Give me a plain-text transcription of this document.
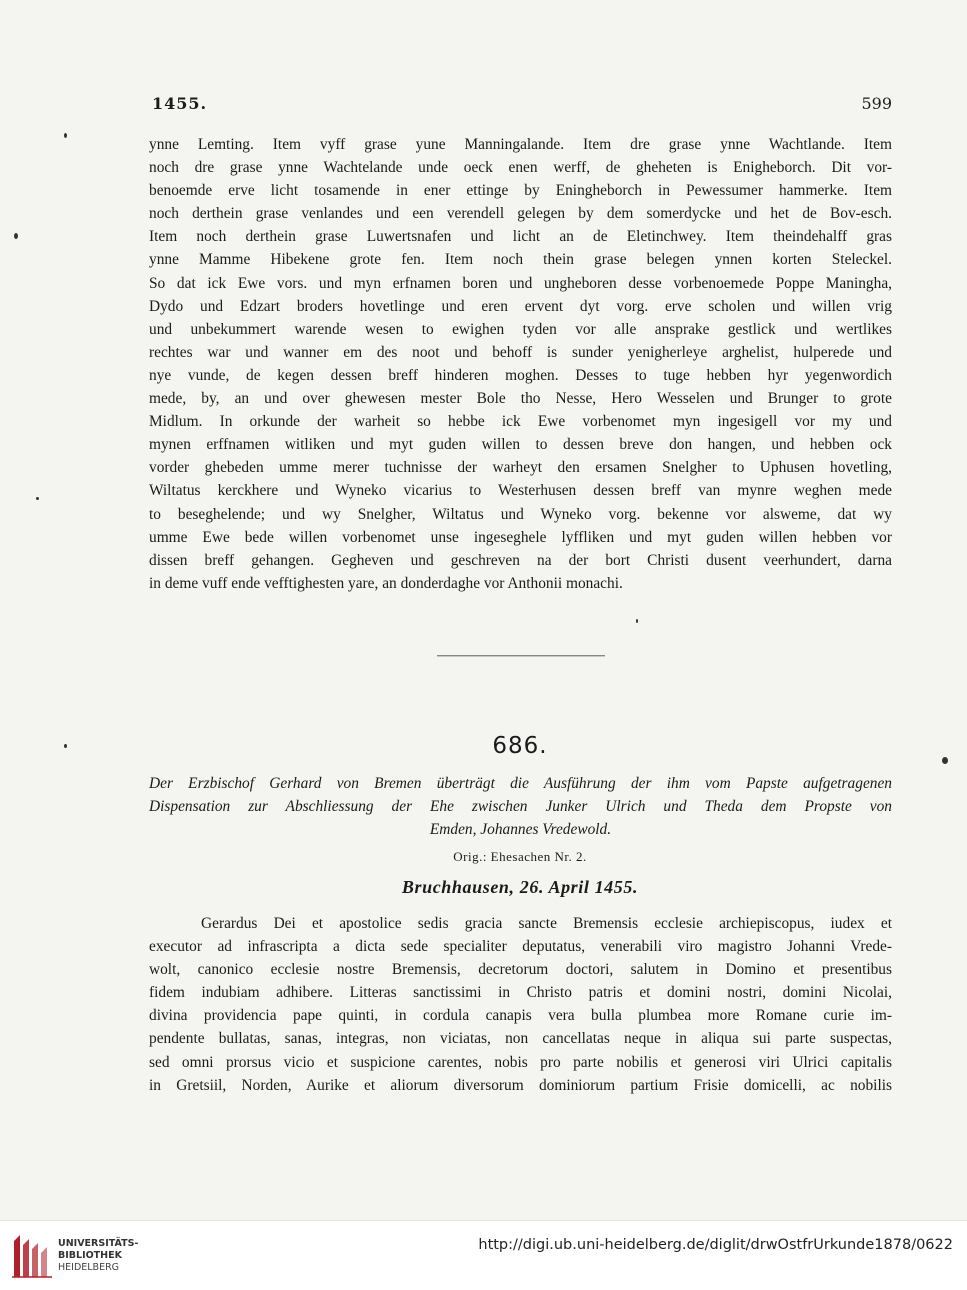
1455.	599
ynne Lemting. Item vyff grase yune Manningalande. Item dre grase ynne Wachtlande. Item
noch dre grase ynne Wachtelande unde oeck enen werff, de gheheten is Enigheborch. Dit vor-
benoemde erve licht tosamende in ener ettinge by Eningheborch in Pewessumer hammerke. Item
noch derthein grase venlandes und een verendell gelegen by dem somerdycke und het de Bov-esch.
Item noch derthein grase Luwertsnafen und licht an de Eletinchwey. Item theindehalff gras
ynne Mamme Hibekene grote fen. Item noch thein grase belegen ynnen korten Steleckel.
So dat ick Ewe vors. und myn erfnamen boren und ungheboren desse vorbenoemede Poppe Maningha,
Dydo und Edzart broders hovetlinge und eren ervent dyt vorg. erve scholen und willen vrig
und unbekummert warende wesen to ewighen tyden vor alle ansprake gestlick und wertlikes
rechtes war und wanner em des noot und behoff is sunder yenigherleye arghelist, hulperede und
nye vunde, de kegen dessen breff hinderen moghen. Desses to tuge hebben hyr yegenwordich
mede, by, an und over ghewesen mester Bole tho Nesse, Hero Wesselen und Brunger to grote
Midlum. In orkunde der warheit so hebbe ick Ewe vorbenomet myn ingesigell vor my und
mynen erffnamen witliken und myt guden willen to dessen breve don hangen, und hebben ock
vorder ghebeden umme merer tuchnisse der warheyt den ersamen Snelgher to Uphusen hovetling,
Wiltatus kerckhere und Wyneko vicarius to Westerhusen dessen breff van mynre weghen mede
to beseghelende; und wy Snelgher, Wiltatus und Wyneko vorg. bekenne vor alsweme, dat wy
umme Ewe bede willen vorbenomet unse ingeseghele lyffliken und myt guden willen hebben vor
dissen breff gehangen. Gegheven und geschreven na der bort Christi dusent veerhundert, darna
in deme vuff ende vefftighesten yare, an donderdaghe vor Anthonii monachi.
686.
Der Erzbischof Gerhard von Bremen überträgt die Ausführung der ihm vom Papste aufgetragenen
Dispensation zur Abschliessung der Ehe zwischen Junker Ulrich und Theda dem Propste von
Emden, Johannes Vredewold.
Orig.: Ehesachen Nr. 2.
Bruchhausen, 26. April 1455.
Gerardus Dei et apostolice sedis gracia sancte Bremensis ecclesie archiepiscopus, iudex et
executor ad infrascripta a dicta sede specialiter deputatus, venerabili viro magistro Johanni Vrede-
wolt, canonico ecclesie nostre Bremensis, decretorum doctori, salutem in Domino et presentibus
fidem indubiam adhibere. Litteras sanctissimi in Christo patris et domini nostri, domini Nicolai,
divina providencia pape quinti, in cordula canapis vera bulla plumbea more Romane curie im-
pendente bullatas, sanas, integras, non viciatas, non cancellatas neque in aliqua sui parte suspectas,
sed omni prorsus vicio et suspicione carentes, nobis pro parte nobilis et generosi viri Ulrici capitalis
in Gretsiil, Norden, Aurike et aliorum diversorum dominiorum partium Frisie domicelli, ac nobilis
UNIVERSITÄTS-
BIBLIOTHEK
HEIDELBERG
http://digi.ub.uni-heidelberg.de/diglit/drwOstfrUrkunde1878/0622
